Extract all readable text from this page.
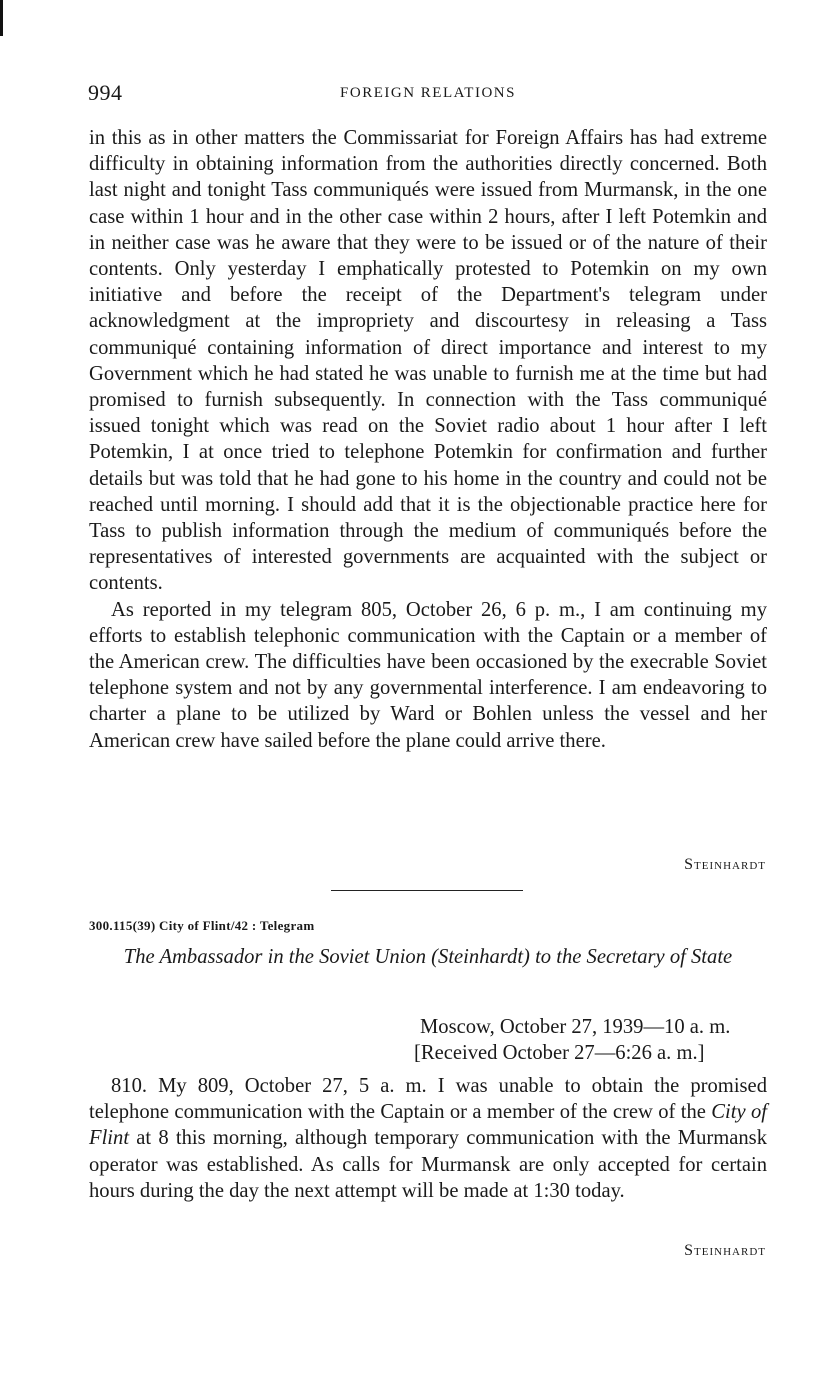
994	FOREIGN RELATIONS

in this as in other matters the Commissariat for Foreign Affairs has had extreme difficulty in obtaining information from the authorities directly concerned. Both last night and tonight Tass communiqués were issued from Murmansk, in the one case within 1 hour and in the other case within 2 hours, after I left Potemkin and in neither case was he aware that they were to be issued or of the nature of their contents. Only yesterday I emphatically protested to Potemkin on my own initiative and before the receipt of the Department's telegram under acknowledgment at the impropriety and discourtesy in releasing a Tass communiqué containing information of direct importance and interest to my Government which he had stated he was unable to furnish me at the time but had promised to furnish subsequently. In connection with the Tass communiqué issued tonight which was read on the Soviet radio about 1 hour after I left Potemkin, I at once tried to telephone Potemkin for confirmation and further details but was told that he had gone to his home in the country and could not be reached until morning. I should add that it is the objectionable practice here for Tass to publish information through the medium of communiqués before the representatives of interested governments are acquainted with the subject or contents.

As reported in my telegram 805, October 26, 6 p. m., I am continuing my efforts to establish telephonic communication with the Captain or a member of the American crew. The difficulties have been occasioned by the execrable Soviet telephone system and not by any governmental interference. I am endeavoring to charter a plane to be utilized by Ward or Bohlen unless the vessel and her American crew have sailed before the plane could arrive there.

Steinhardt
300.115(39) City of Flint/42 : Telegram

The Ambassador in the Soviet Union (Steinhardt) to the Secretary of State

Moscow, October 27, 1939—10 a. m.
[Received October 27—6:26 a. m.]

810. My 809, October 27, 5 a. m. I was unable to obtain the promised telephone communication with the Captain or a member of the crew of the City of Flint at 8 this morning, although temporary communication with the Murmansk operator was established. As calls for Murmansk are only accepted for certain hours during the day the next attempt will be made at 1:30 today.

Steinhardt
